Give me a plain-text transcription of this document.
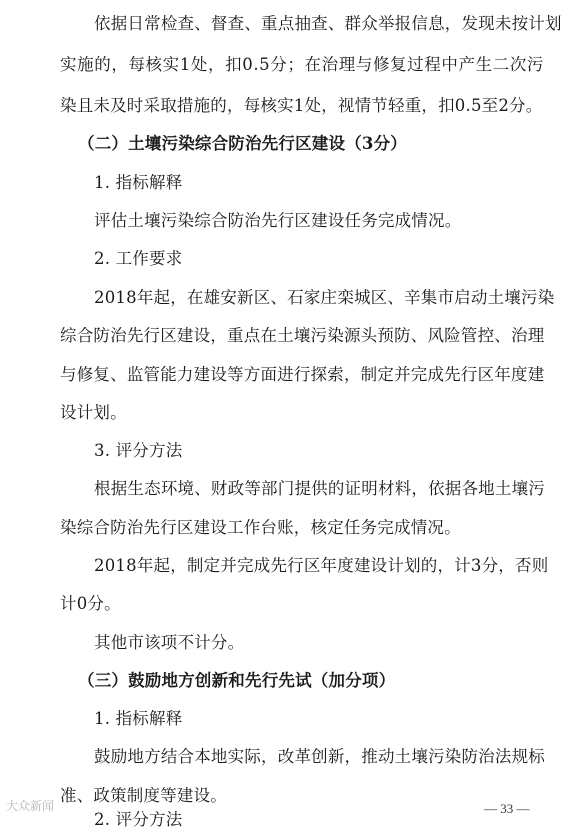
依 据 日 常 检 查 、 督 查 、 重 点 抽 查 、 群 众 举 报 信 息 ， 发 现 未 按 计 划
实 施 的 ， 每 核 实 1 处 ， 扣 0 . 5 分 ； 在 治 理 与 修 复 过 程 中 产 生 二 次 污
染且未及时采取措施的，每核实1处，视情节轻重，扣0.5至2分。
（二）土壤污染综合防治先行区建设（3分）
1. 指标解释
评估土壤污染综合防治先行区建设任务完成情况。
2. 工作要求
2 0 1 8 年 起 ， 在 雄 安 新 区 、 石 家 庄 栾 城 区 、 辛 集 市 启 动 土 壤 污 染
综 合 防 治 先 行 区 建 设 ， 重 点 在 土 壤 污 染 源 头 预 防 、 风 险 管 控 、 治 理
与 修 复 、 监 管 能 力 建 设 等 方 面 进 行 探 索 ， 制 定 并 完 成 先 行 区 年 度 建
设计划。
3. 评分方法
根 据 生 态 环 境 、 财 政 等 部 门 提 供 的 证 明 材 料 ， 依 据 各 地 土 壤 污
染综合防治先行区建设工作台账，核定任务完成情况。
2 0 1 8 年 起 ， 制 定 并 完 成 先 行 区 年 度 建 设 计 划 的 ， 计 3 分 ， 否 则
计0分。
其他市该项不计分。
（三）鼓励地方创新和先行先试（加分项）
1. 指标解释
鼓 励 地 方 结 合 本 地 实 际 ， 改 革 创 新 ， 推 动 土 壤 污 染 防 治 法 规 标
准、政策制度等建设。
2. 评分方法
大众新闻	— 33 —
